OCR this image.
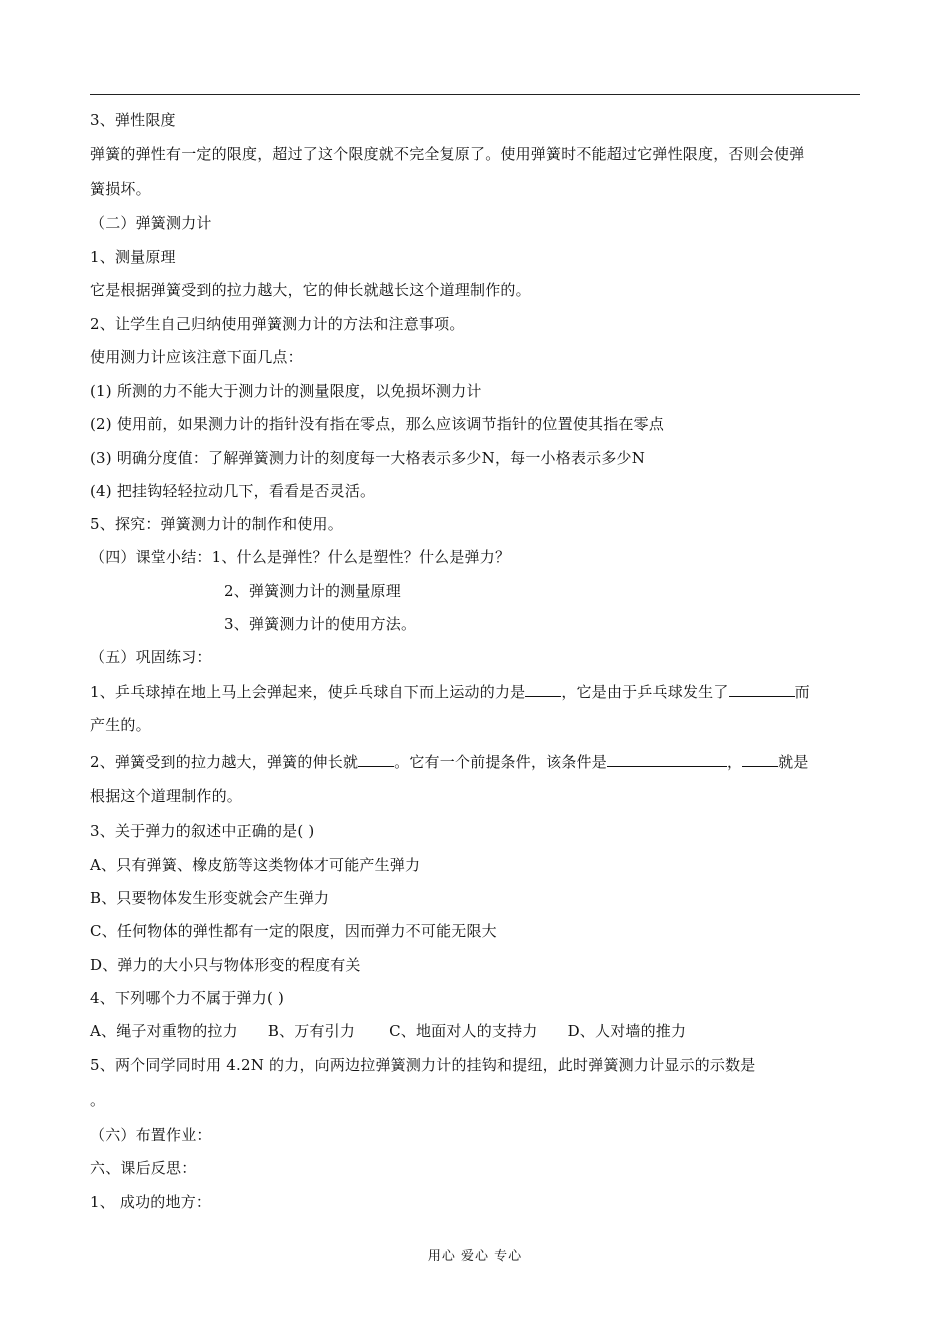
3、弹性限度
弹簧的弹性有一定的限度，超过了这个限度就不完全复原了。使用弹簧时不能超过它弹性限度，否则会使弹
簧损坏。
（二）弹簧测力计
1、测量原理
它是根据弹簧受到的拉力越大，它的伸长就越长这个道理制作的。
2、让学生自己归纳使用弹簧测力计的方法和注意事项。
使用测力计应该注意下面几点：
(1) 所测的力不能大于测力计的测量限度，以免损坏测力计
(2) 使用前，如果测力计的指针没有指在零点，那么应该调节指针的位置使其指在零点
(3) 明确分度值：了解弹簧测力计的刻度每一大格表示多少N，每一小格表示多少N
(4) 把挂钩轻轻拉动几下，看看是否灵活。
5、探究：弹簧测力计的制作和使用。
（四）课堂小结：1、什么是弹性？什么是塑性？什么是弹力？
2、弹簧测力计的测量原理
3、弹簧测力计的使用方法。
（五）巩固练习：
1、乒乓球掉在地上马上会弹起来，使乒乓球自下而上运动的力是 ，它是由于乒乓球发生了	而
产生的。
2、弹簧受到的拉力越大，弹簧的伸长就 。它有一个前提条件，该条件是	， 就是
根据这个道理制作的。
3、关于弹力的叙述中正确的是( )
A、只有弹簧、橡皮筋等这类物体才可能产生弹力
B、只要物体发生形变就会产生弹力
C、任何物体的弹性都有一定的限度，因而弹力不可能无限大
D、弹力的大小只与物体形变的程度有关
4、下列哪个力不属于弹力( )
A、绳子对重物的拉力 B、万有引力 C、地面对人的支持力 D、人对墙的推力
5、两个同学同时用 4.2N 的力，向两边拉弹簧测力计的挂钩和提纽，此时弹簧测力计显示的示数是
。
（六）布置作业：
六、课后反思：
1、 成功的地方：
用心 爱心 专心
